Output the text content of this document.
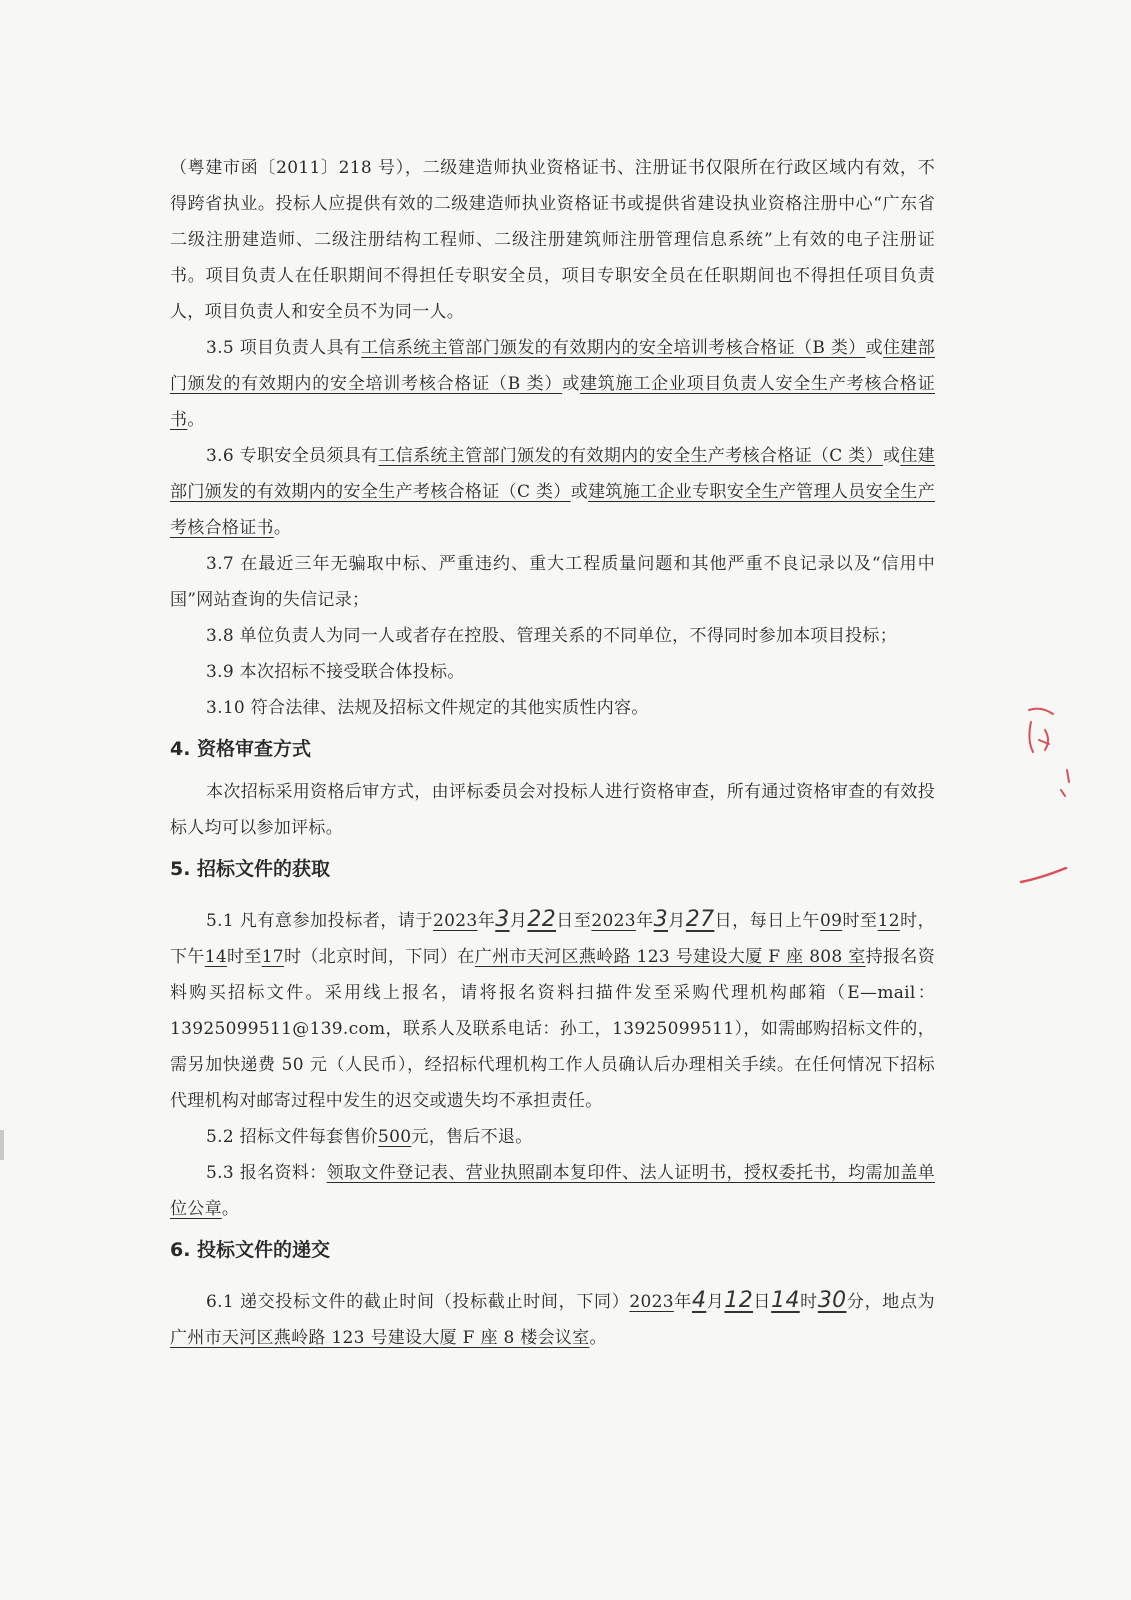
（粤建市函〔2011〕218 号），二级建造师执业资格证书、注册证书仅限所在行政区域内有效，不得跨省执业。投标人应提供有效的二级建造师执业资格证书或提供省建设执业资格注册中心“广东省二级注册建造师、二级注册结构工程师、二级注册建筑师注册管理信息系统”上有效的电子注册证书。项目负责人在任职期间不得担任专职安全员，项目专职安全员在任职期间也不得担任项目负责人，项目负责人和安全员不为同一人。

3.5 项目负责人具有工信系统主管部门颁发的有效期内的安全培训考核合格证（B 类）或住建部门颁发的有效期内的安全培训考核合格证（B 类）或建筑施工企业项目负责人安全生产考核合格证书。

3.6 专职安全员须具有工信系统主管部门颁发的有效期内的安全生产考核合格证（C 类）或住建部门颁发的有效期内的安全生产考核合格证（C 类）或建筑施工企业专职安全生产管理人员安全生产考核合格证书。

3.7 在最近三年无骗取中标、严重违约、重大工程质量问题和其他严重不良记录以及“信用中国”网站查询的失信记录；

3.8 单位负责人为同一人或者存在控股、管理关系的不同单位，不得同时参加本项目投标；

3.9 本次招标不接受联合体投标。

3.10 符合法律、法规及招标文件规定的其他实质性内容。

4. 资格审查方式

本次招标采用资格后审方式，由评标委员会对投标人进行资格审查，所有通过资格审查的有效投标人均可以参加评标。

5. 招标文件的获取

5.1 凡有意参加投标者，请于2023年3月22日至2023年3月27日，每日上午09时至12时，下午14时至17时（北京时间，下同）在广州市天河区燕岭路 123 号建设大厦 F 座 808 室持报名资料购买招标文件。采用线上报名，请将报名资料扫描件发至采购代理机构邮箱（E—mail：13925099511@139.com，联系人及联系电话：孙工，13925099511），如需邮购招标文件的，需另加快递费 50 元（人民币），经招标代理机构工作人员确认后办理相关手续。在任何情况下招标代理机构对邮寄过程中发生的迟交或遗失均不承担责任。

5.2 招标文件每套售价500元，售后不退。

5.3 报名资料：领取文件登记表、营业执照副本复印件、法人证明书，授权委托书，均需加盖单位公章。

6. 投标文件的递交

6.1 递交投标文件的截止时间（投标截止时间，下同）2023年4月12日14时30分，地点为广州市天河区燕岭路 123 号建设大厦 F 座 8 楼会议室。
